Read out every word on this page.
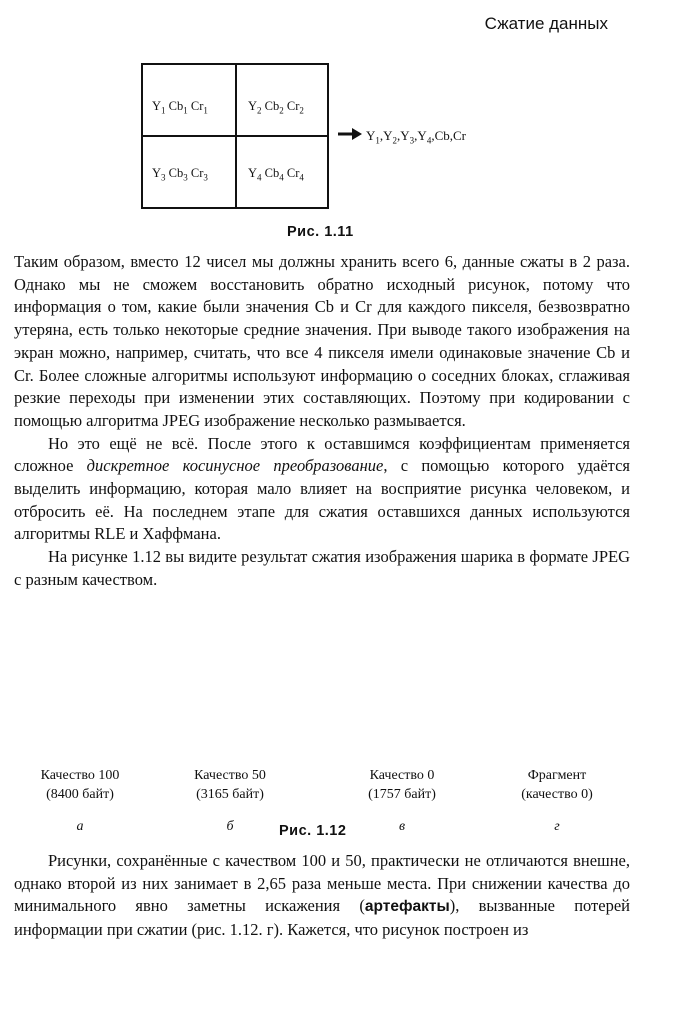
Сжатие данных
$Y_1$ $Cb_1$ $Cr_1$	$Y_2$ $Cb_2$ $Cr_2$
$Y_3$ $Cb_3$ $Cr_3$	$Y_4$ $Cb_4$ $Cr_4$
$Y_1,Y_2,Y_3,Y_4,Cb,Cr$
Рис. 1.11

Таким образом, вместо 12 чисел мы должны хранить всего 6, данные сжаты в 2 раза. Однако мы не сможем восстановить обратно исходный рисунок, потому что информация о том, какие были значения Cb и Cr для каждого пикселя, безвозвратно утеряна, есть только некоторые средние значения. При выводе такого изображения на экран можно, например, считать, что все 4 пикселя имели одинаковые значение Cb и Cr. Более сложные алгоритмы используют информацию о соседних блоках, сглаживая резкие переходы при изменении этих составляющих. Поэтому при кодировании с помощью алгоритма JPEG изображение несколько размывается.

Но это ещё не всё. После этого к оставшимся коэффициентам применяется сложное дискретное косинусное преобразование, с помощью которого удаётся выделить информацию, которая мало влияет на восприятие рисунка человеком, и отбросить её. На последнем этапе для сжатия оставшихся данных используются алгоритмы RLE и Хаффмана.

На рисунке 1.12 вы видите результат сжатия изображения шарика в формате JPEG с разным качеством.

Качество 100
(8400 байт)
а
Качество 50
(3165 байт)
б
Качество 0
(1757 байт)
в
Фрагмент
(качество 0)
г
Рис. 1.12

Рисунки, сохранённые с качеством 100 и 50, практически не отличаются внешне, однако второй из них занимает в 2,65 раза меньше места. При снижении качества до минимального явно заметны искажения (артефакты), вызванные потерей информации при сжатии (рис. 1.12. г). Кажется, что рисунок построен из
